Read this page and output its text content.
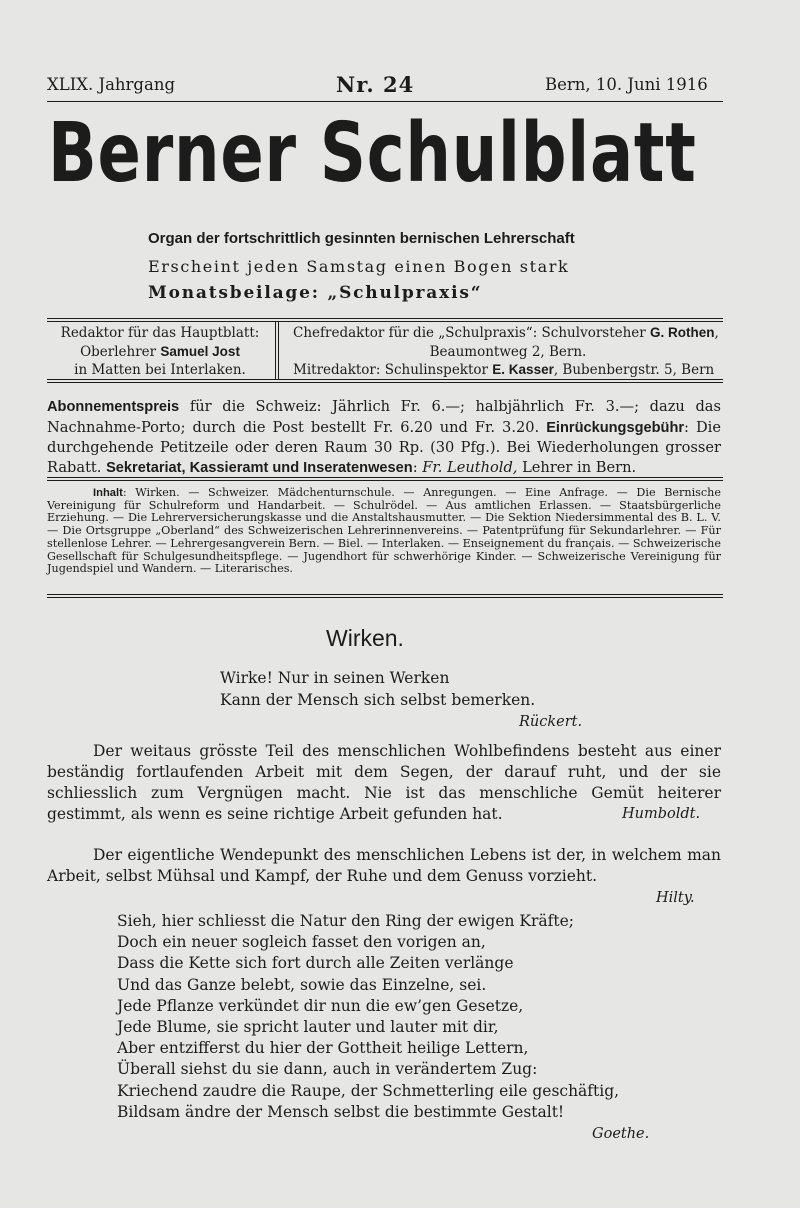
XLIX. Jahrgang	Nr. 24	Bern, 10. Juni 1916
Berner Schulblatt
Organ der fortschrittlich gesinnten bernischen Lehrerschaft
Erscheint jeden Samstag einen Bogen stark
Monatsbeilage: „Schulpraxis“
Redaktor für das Hauptblatt:
Oberlehrer Samuel Jost
in Matten bei Interlaken.
Chefredaktor für die „Schulpraxis“: Schulvorsteher G. Rothen,
Beaumontweg 2, Bern.
Mitredaktor: Schulinspektor E. Kasser, Bubenbergstr. 5, Bern
Abonnementspreis für die Schweiz: Jährlich Fr. 6.—; halbjährlich Fr. 3.—; dazu das Nachnahme-Porto; durch die Post bestellt Fr. 6.20 und Fr. 3.20. Einrückungsgebühr: Die durchgehende Petitzeile oder deren Raum 30 Rp. (30 Pfg.). Bei Wiederholungen grosser Rabatt. Sekretariat, Kassieramt und Inseratenwesen: Fr. Leuthold, Lehrer in Bern.
Inhalt: Wirken. — Schweizer. Mädchenturnschule. — Anregungen. — Eine Anfrage. — Die Bernische Vereinigung für Schulreform und Handarbeit. — Schulrödel. — Aus amtlichen Erlassen. — Staatsbürgerliche Erziehung. — Die Lehrerversicherungskasse und die Anstaltshausmutter. — Die Sektion Niedersimmental des B. L. V. — Die Ortsgruppe „Oberland“ des Schweizerischen Lehrerinnenvereins. — Patentprüfung für Sekundarlehrer. — Für stellenlose Lehrer. — Lehrergesangverein Bern. — Biel. — Interlaken. — Enseignement du français. — Schweizerische Gesellschaft für Schulgesundheitspflege. — Jugendhort für schwerhörige Kinder. — Schweizerische Vereinigung für Jugendspiel und Wandern. — Literarisches.
Wirken.
Wirke! Nur in seinen Werken
Kann der Mensch sich selbst bemerken.
Rückert.
Der weitaus grösste Teil des menschlichen Wohlbefindens besteht aus einer beständig fortlaufenden Arbeit mit dem Segen, der darauf ruht, und der sie schliesslich zum Vergnügen macht. Nie ist das menschliche Gemüt heiterer gestimmt, als wenn es seine richtige Arbeit gefunden hat.	Humboldt.
Der eigentliche Wendepunkt des menschlichen Lebens ist der, in welchem man Arbeit, selbst Mühsal und Kampf, der Ruhe und dem Genuss vorzieht.
Hilty.
Sieh, hier schliesst die Natur den Ring der ewigen Kräfte;
Doch ein neuer sogleich fasset den vorigen an,
Dass die Kette sich fort durch alle Zeiten verlänge
Und das Ganze belebt, sowie das Einzelne, sei.
Jede Pflanze verkündet dir nun die ew’gen Gesetze,
Jede Blume, sie spricht lauter und lauter mit dir,
Aber entzifferst du hier der Gottheit heilige Lettern,
Überall siehst du sie dann, auch in verändertem Zug:
Kriechend zaudre die Raupe, der Schmetterling eile geschäftig,
Bildsam ändre der Mensch selbst die bestimmte Gestalt!
Goethe.
